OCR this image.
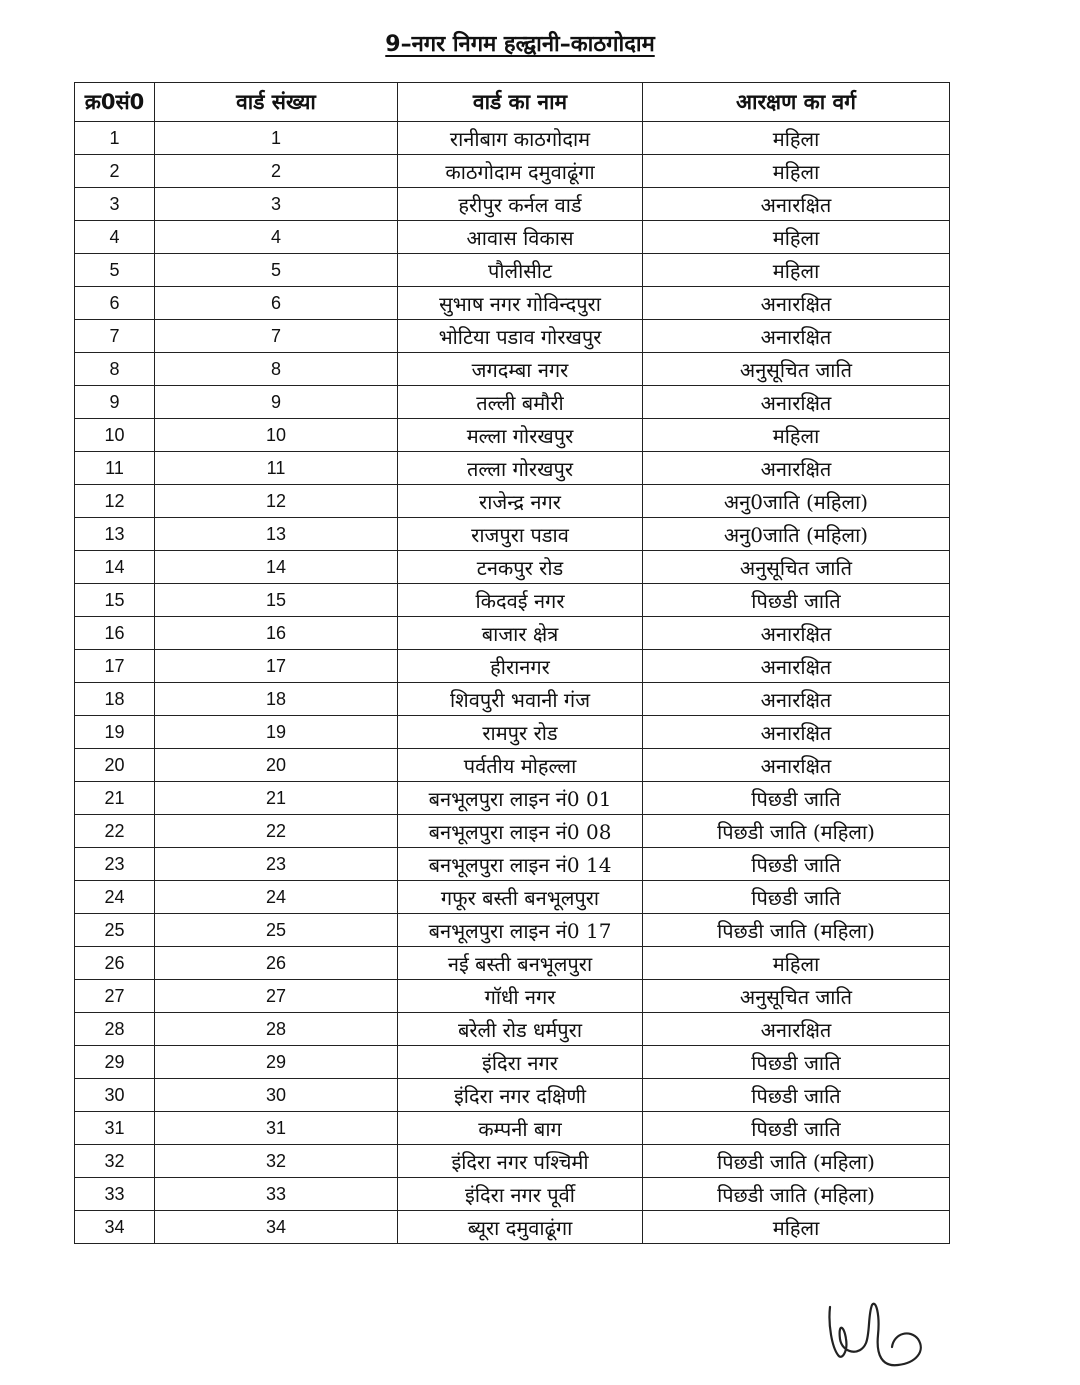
9–नगर निगम हल्द्वानी–काठगोदाम
क्र0सं0	वार्ड संख्या	वार्ड का नाम	आरक्षण का वर्ग
1	1	रानीबाग काठगोदाम	महिला
2	2	काठगोदाम दमुवाढूंगा	महिला
3	3	हरीपुर कर्नल वार्ड	अनारक्षित
4	4	आवास विकास	महिला
5	5	पौलीसीट	महिला
6	6	सुभाष नगर गोविन्दपुरा	अनारक्षित
7	7	भोटिया पडाव गोरखपुर	अनारक्षित
8	8	जगदम्बा नगर	अनुसूचित जाति
9	9	तल्ली बमौरी	अनारक्षित
10	10	मल्ला गोरखपुर	महिला
11	11	तल्ला गोरखपुर	अनारक्षित
12	12	राजेन्द्र नगर	अनु0जाति (महिला)
13	13	राजपुरा पडाव	अनु0जाति (महिला)
14	14	टनकपुर रोड	अनुसूचित जाति
15	15	किदवई नगर	पिछडी जाति
16	16	बाजार क्षेत्र	अनारक्षित
17	17	हीरानगर	अनारक्षित
18	18	शिवपुरी भवानी गंज	अनारक्षित
19	19	रामपुर रोड	अनारक्षित
20	20	पर्वतीय मोहल्ला	अनारक्षित
21	21	बनभूलपुरा लाइन नं0 01	पिछडी जाति
22	22	बनभूलपुरा लाइन नं0 08	पिछडी जाति (महिला)
23	23	बनभूलपुरा लाइन नं0 14	पिछडी जाति
24	24	गफूर बस्ती बनभूलपुरा	पिछडी जाति
25	25	बनभूलपुरा लाइन नं0 17	पिछडी जाति (महिला)
26	26	नई बस्ती बनभूलपुरा	महिला
27	27	गॉधी नगर	अनुसूचित जाति
28	28	बरेली रोड धर्मपुरा	अनारक्षित
29	29	इंदिरा नगर	पिछडी जाति
30	30	इंदिरा नगर दक्षिणी	पिछडी जाति
31	31	कम्पनी बाग	पिछडी जाति
32	32	इंदिरा नगर पश्चिमी	पिछडी जाति (महिला)
33	33	इंदिरा नगर पूर्वी	पिछडी जाति (महिला)
34	34	ब्यूरा दमुवाढूंगा	महिला
